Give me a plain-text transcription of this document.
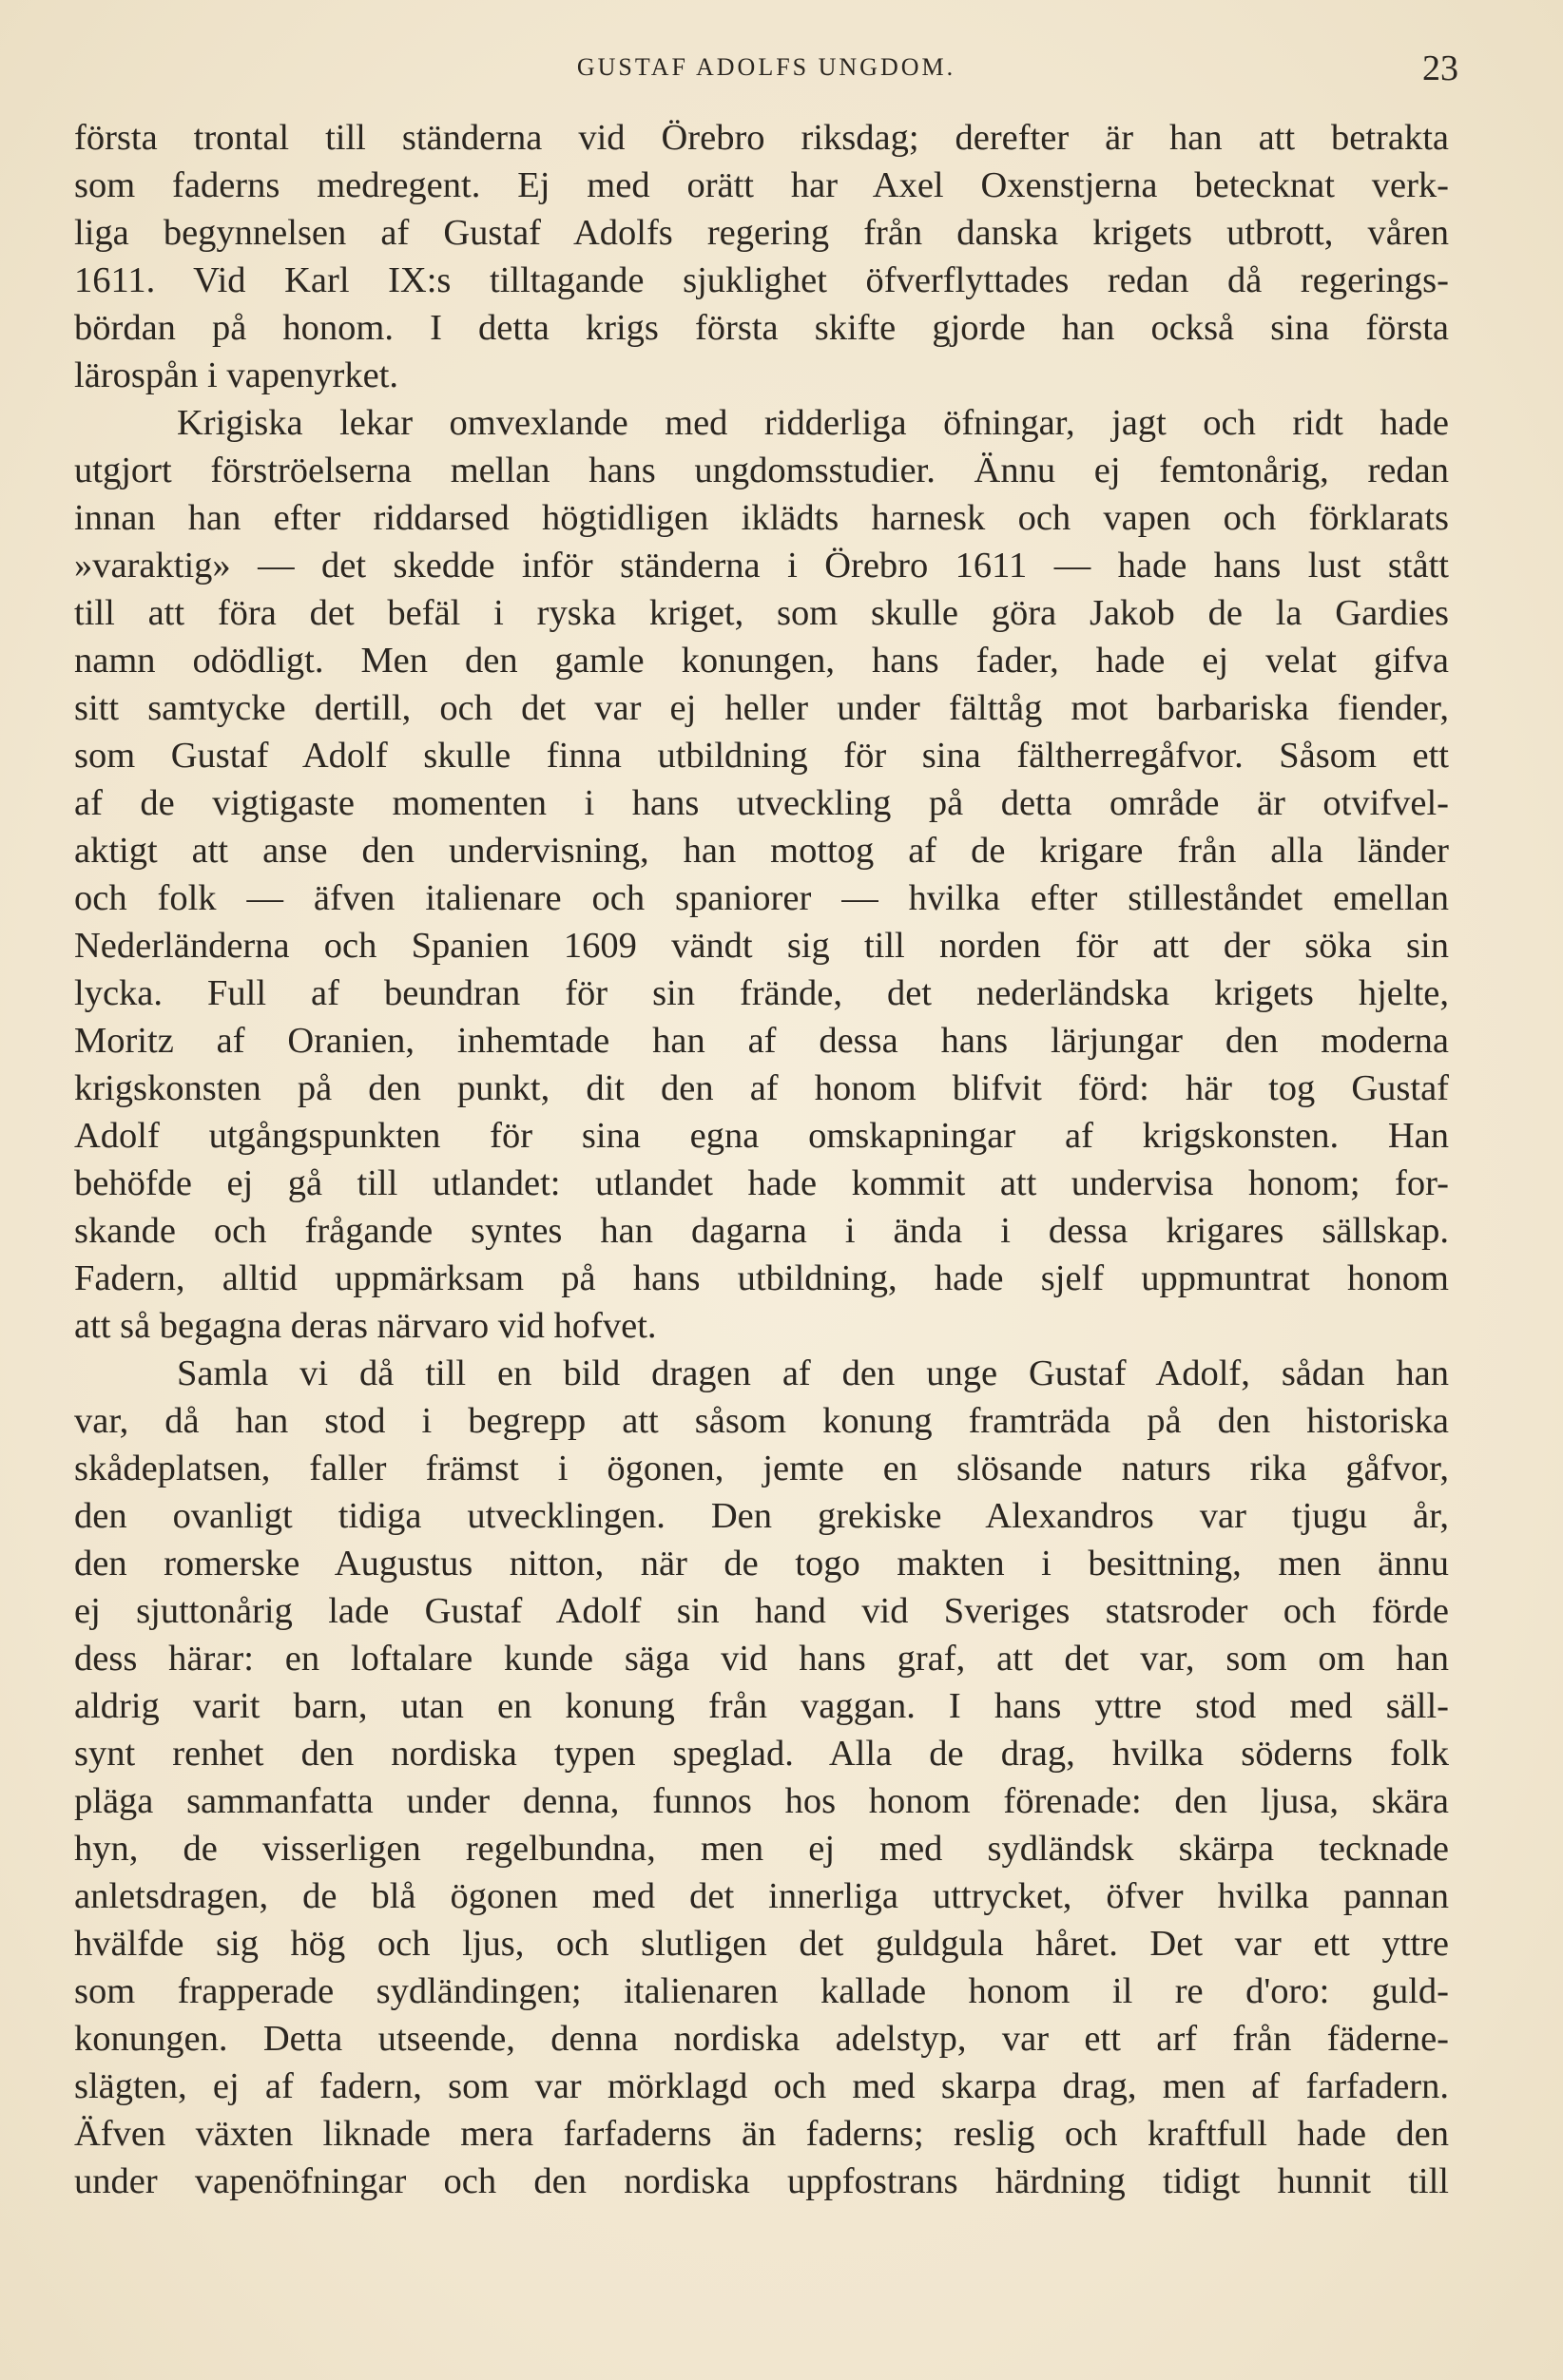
GUSTAF ADOLFS UNGDOM.	23
första trontal till ständerna vid Örebro riksdag; derefter är han att betrakta
som faderns medregent. Ej med orätt har Axel Oxenstjerna betecknat verk-
liga begynnelsen af Gustaf Adolfs regering från danska krigets utbrott, våren
1611. Vid Karl IX:s tilltagande sjuklighet öfverflyttades redan då regerings-
bördan på honom. I detta krigs första skifte gjorde han också sina första
lärospån i vapenyrket.
Krigiska lekar omvexlande med ridderliga öfningar, jagt och ridt hade
utgjort förströelserna mellan hans ungdomsstudier. Ännu ej femtonårig, redan
innan han efter riddarsed högtidligen iklädts harnesk och vapen och förklarats
»varaktig» — det skedde inför ständerna i Örebro 1611 — hade hans lust stått
till att föra det befäl i ryska kriget, som skulle göra Jakob de la Gardies
namn odödligt. Men den gamle konungen, hans fader, hade ej velat gifva
sitt samtycke dertill, och det var ej heller under fälttåg mot barbariska fiender,
som Gustaf Adolf skulle finna utbildning för sina fältherregåfvor. Såsom ett
af de vigtigaste momenten i hans utveckling på detta område är otvifvel-
aktigt att anse den undervisning, han mottog af de krigare från alla länder
och folk — äfven italienare och spaniorer — hvilka efter stilleståndet emellan
Nederländerna och Spanien 1609 vändt sig till norden för att der söka sin
lycka. Full af beundran för sin frände, det nederländska krigets hjelte,
Moritz af Oranien, inhemtade han af dessa hans lärjungar den moderna
krigskonsten på den punkt, dit den af honom blifvit förd: här tog Gustaf
Adolf utgångspunkten för sina egna omskapningar af krigskonsten. Han
behöfde ej gå till utlandet: utlandet hade kommit att undervisa honom; for-
skande och frågande syntes han dagarna i ända i dessa krigares sällskap.
Fadern, alltid uppmärksam på hans utbildning, hade sjelf uppmuntrat honom
att så begagna deras närvaro vid hofvet.
Samla vi då till en bild dragen af den unge Gustaf Adolf, sådan han
var, då han stod i begrepp att såsom konung framträda på den historiska
skådeplatsen, faller främst i ögonen, jemte en slösande naturs rika gåfvor,
den ovanligt tidiga utvecklingen. Den grekiske Alexandros var tjugu år,
den romerske Augustus nitton, när de togo makten i besittning, men ännu
ej sjuttonårig lade Gustaf Adolf sin hand vid Sveriges statsroder och förde
dess härar: en loftalare kunde säga vid hans graf, att det var, som om han
aldrig varit barn, utan en konung från vaggan. I hans yttre stod med säll-
synt renhet den nordiska typen speglad. Alla de drag, hvilka söderns folk
pläga sammanfatta under denna, funnos hos honom förenade: den ljusa, skära
hyn, de visserligen regelbundna, men ej med sydländsk skärpa tecknade
anletsdragen, de blå ögonen med det innerliga uttrycket, öfver hvilka pannan
hvälfde sig hög och ljus, och slutligen det guldgula håret. Det var ett yttre
som frapperade sydländingen; italienaren kallade honom il re d'oro: guld-
konungen. Detta utseende, denna nordiska adelstyp, var ett arf från fäderne-
slägten, ej af fadern, som var mörklagd och med skarpa drag, men af farfadern.
Äfven växten liknade mera farfaderns än faderns; reslig och kraftfull hade den
under vapenöfningar och den nordiska uppfostrans härdning tidigt hunnit till
